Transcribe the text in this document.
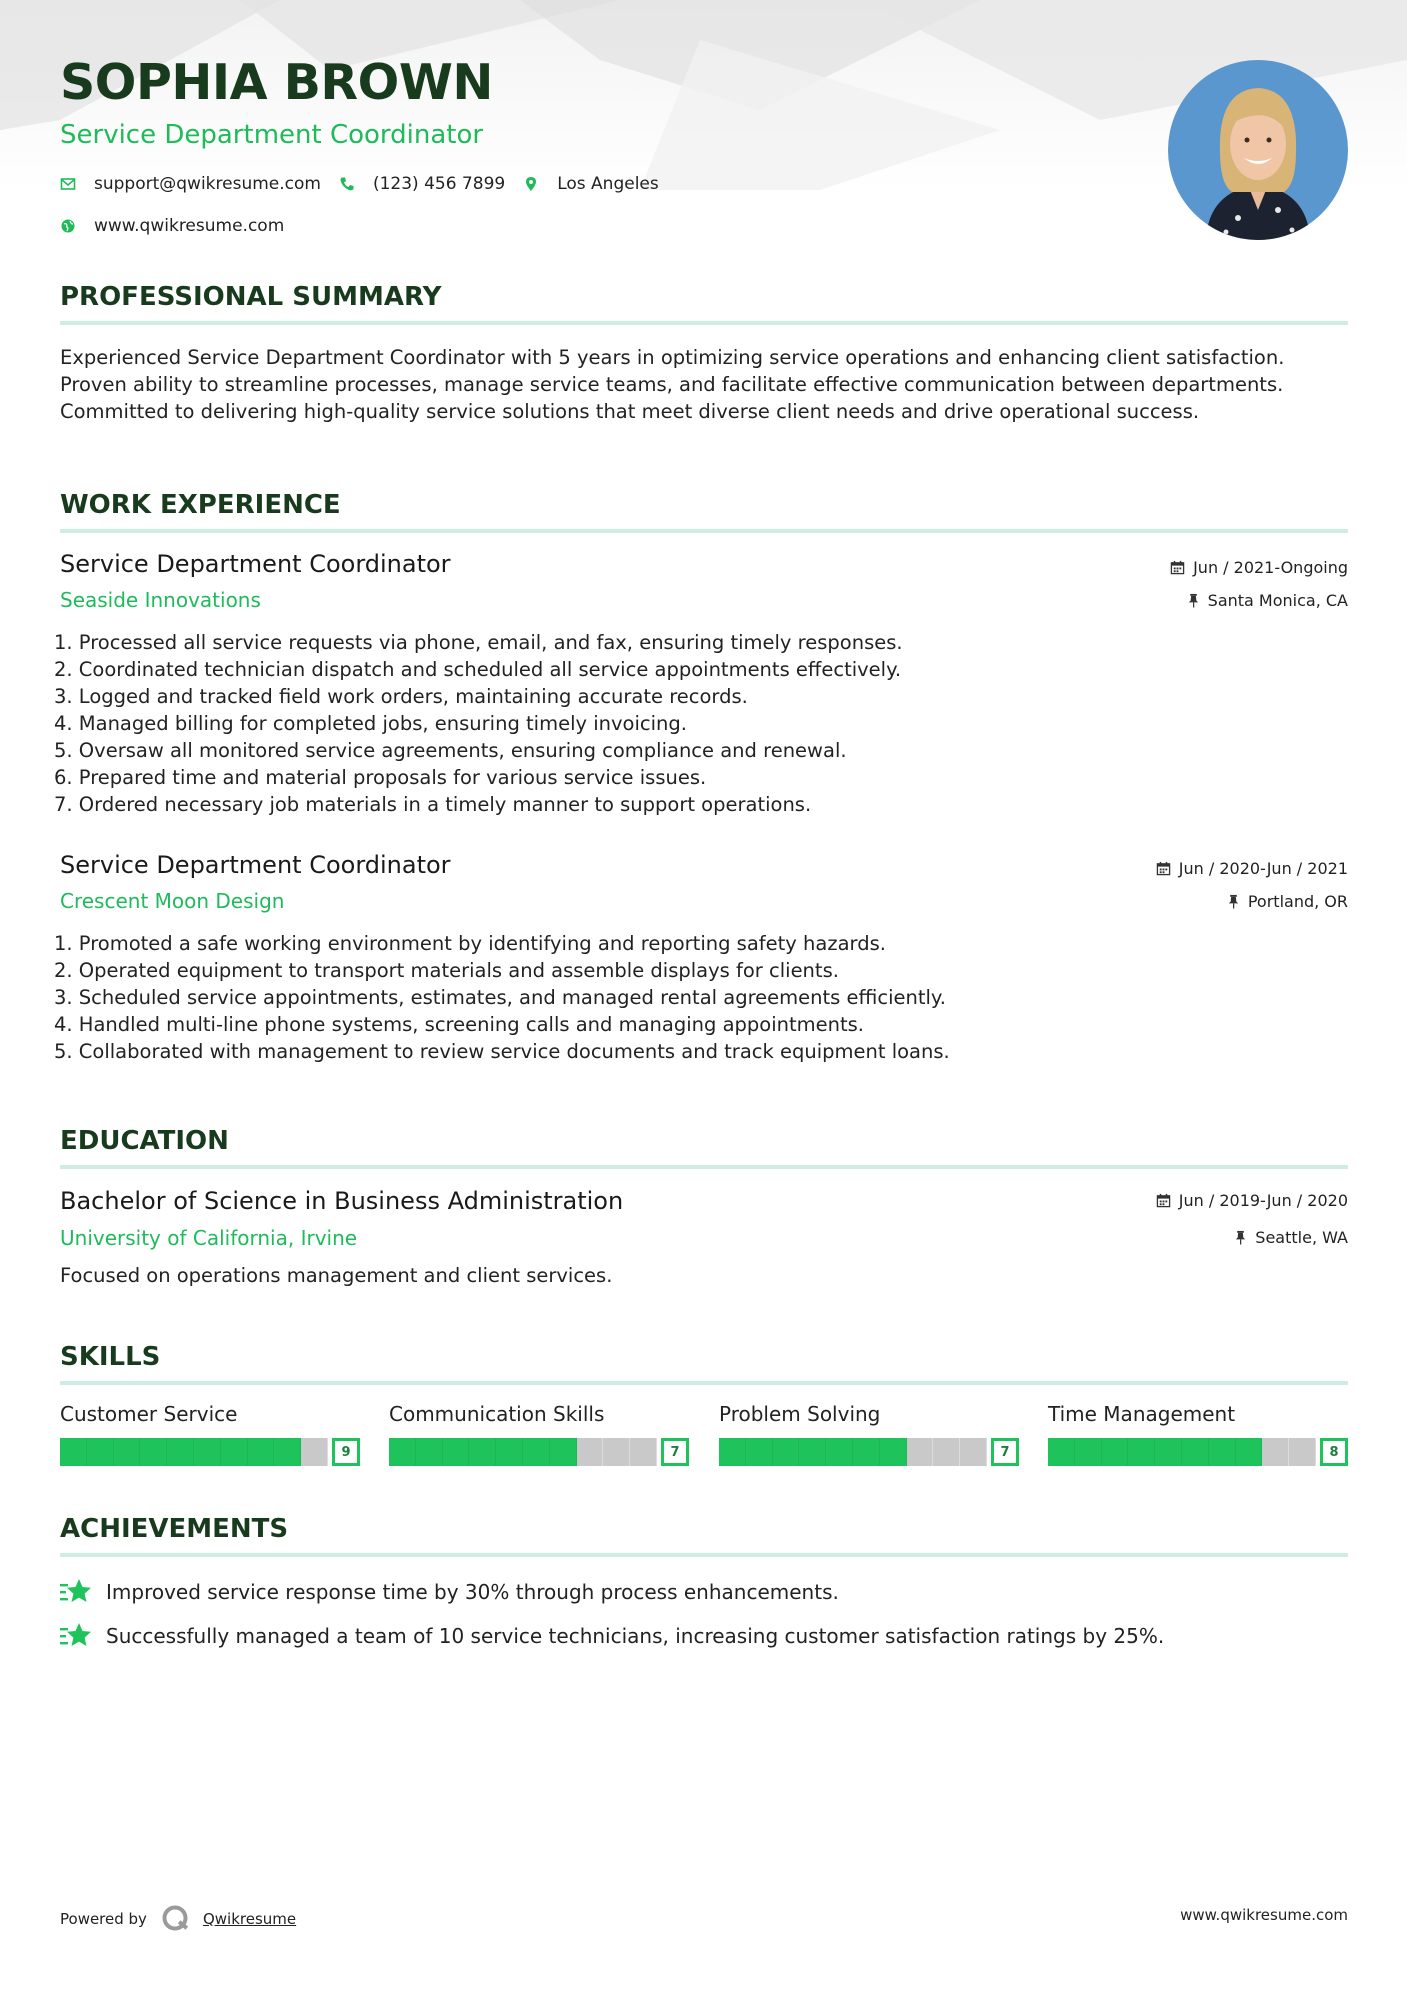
SOPHIA BROWN
Service Department Coordinator
support@qwikresume.com	(123) 456 7899	Los Angeles
www.qwikresume.com
PROFESSIONAL SUMMARY
Experienced Service Department Coordinator with 5 years in optimizing service operations and enhancing client satisfaction. Proven ability to streamline processes, manage service teams, and facilitate effective communication between departments. Committed to delivering high-quality service solutions that meet diverse client needs and drive operational success.
WORK EXPERIENCE
Service Department Coordinator
Seaside Innovations
Jun / 2021-Ongoing
Santa Monica, CA
1. Processed all service requests via phone, email, and fax, ensuring timely responses.
2. Coordinated technician dispatch and scheduled all service appointments effectively.
3. Logged and tracked field work orders, maintaining accurate records.
4. Managed billing for completed jobs, ensuring timely invoicing.
5. Oversaw all monitored service agreements, ensuring compliance and renewal.
6. Prepared time and material proposals for various service issues.
7. Ordered necessary job materials in a timely manner to support operations.
Service Department Coordinator
Crescent Moon Design
Jun / 2020-Jun / 2021
Portland, OR
1. Promoted a safe working environment by identifying and reporting safety hazards.
2. Operated equipment to transport materials and assemble displays for clients.
3. Scheduled service appointments, estimates, and managed rental agreements efficiently.
4. Handled multi-line phone systems, screening calls and managing appointments.
5. Collaborated with management to review service documents and track equipment loans.
EDUCATION
Bachelor of Science in Business Administration
University of California, Irvine
Jun / 2019-Jun / 2020
Seattle, WA
Focused on operations management and client services.
SKILLS
Customer Service
9
Communication Skills
7
Problem Solving
7
Time Management
8
ACHIEVEMENTS
Improved service response time by 30% through process enhancements.
Successfully managed a team of 10 service technicians, increasing customer satisfaction ratings by 25%.
Powered by	Qwikresume	www.qwikresume.com
